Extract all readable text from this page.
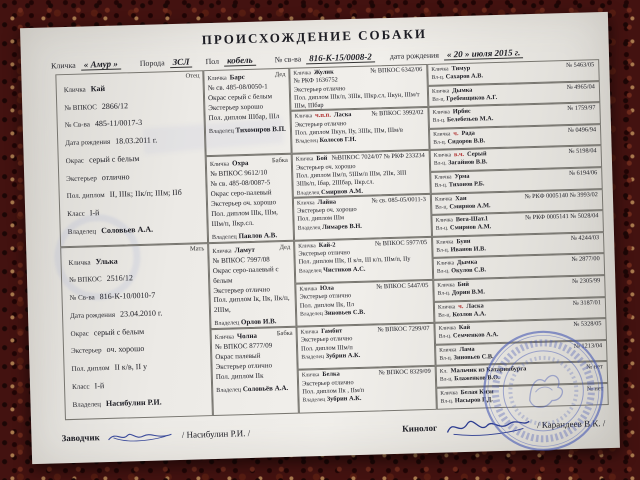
ПРОИСХОЖДЕНИЕ СОБАКИ
Кличка « Амур »	Порода ЗСЛ	Пол кобель	№ св-ва 816-К-15/0008-2	дата рождения « 20 » июля 2015 г.
Отец
Кличка Кай
№ ВПКОС 2866/12
№ Св-ва 485-11/0017-3
Дата рождения 18.03.2011 г.
Окрас серый с белым
Экстерьер отлично
Пол. диплом II, IIIк; IIк/п; IIIм; IIб
Класс I-й
Владелец Соловьев А.А.
Мать
Кличка Улька
№ ВПКОС 2516/12
№ Св-ва 816-К-10/0010-7
Дата рождения 23.04.2010 г.
Окрас серый с белым
Экстерьер оч. хорошо
Пол. диплом II к/в, II у
Класс I-й
Владелец Насибулин Р.И.
Дед
Кличка Барс
№ св. 485-08/0050-1
Окрас серый с белым
Экстерьер хорошо
Пол. диплом IIIбар, IIIл
Владелец Тихомиров В.П.
Бабка
Кличка Охра
№ ВПКОС 9612/10
№ св. 485-08/0087-5
Окрас серо-палевый
Экстерьер оч. хорошо
Пол. диплом IIIк, IIIм, IIIм/п, IIкр.сл.
Владелец Павлов А.В.
Дед
Кличка Ламут
№ ВПКОС 7997/08
Окрас серо-палевый с белым
Экстерьер отлично
Пол. диплом Iк, IIк, IIк/п, 2IIIм,
Владелец Орлов И.В.
Бабка
Кличка Чолна
№ ВПКОС 8777/09
Окрас палевый
Экстерьер отлично
Пол. диплом IIк
Владелец Соловьёв А.А.
Кличка Жулик	№ ВПКОС 6342/06
№ РКФ 1636752
Экстерьер отлично
Пол. диплом IIIк/п, 3IIIк, IIIкр.сл, IIкун, IIIм/т
IIIм, IIIбар
Кличка ч.п.п. Ласка	№ ВПКОС 3992/02
Экстерьер отлично
Пол. диплом IIкун, IIу, 3IIIк, IIIм, IIIм/в
Владелец Колосов Г.Н.
Кличка Бой №ВПКОС 7024/07 № РКФ 233234
Экстерьер оч. хорошо
Пол. диплом IIм/п, 5IIIм/п IIIм, 2IIк, 3III
3IIIк/п, Iбар, 2IIIбар, IIкр.сл.
Владелец Смирнов А.М.
Кличка Лайна	№ св. 085-05/0011-3
Экстерьер оч. хорошо
Пол. диплом IIIм
Владелец Лимарев В.Н.
Кличка Кай-2	№ ВПКОС 5977/05
Экстерьер отлично
Пол. диплом IIIк, II к/п, III к/п, IIIм/п, IIу
Владелец Чистиков А.С.
Кличка Юла	№ ВПКОС 5447/05
Экстерьер отлично
Пол. диплом IIк, IIл
Владелец Зиновьев С.В.
Кличка Гамбит	№ ВПКОС 7299/07
Экстерьер отлично
Пол. диплом IIIм/п
Владелец Зубрин А.К.
Кличка Белка	№ ВПКОС 8329/09
Экстерьер отлично
Пол. диплом IIк , IIм/п
Владелец Зубрин А.К.
Кличка Тимур	№ 5463/05
Вл-ц. Сахаров А.В.
Кличка Дымка	№ 4965/04
Вл-ц. Гребенщиков А.Г.
Кличка Ирбис	№ 1759/97
Вл-ц. Белебезьев М.А.
Кличка ч. Рада	№ 0496/94
Вл-ц. Сидоров В.В.
Кличка в.ч. Серый	№ 5198/04
Вл-ц. Загайнов В.В.
Кличка Урма	№ 6194/06
Вл-ц. Тихонов Р.Б.
Кличка Хан	№ РКФ 0005140 № 3993/02
Вл-ц. Смирнов А.М.
Кличка Вега-Шат.1	№ РКФ 0005141 № 5028/04
Вл-ц. Смирнов А.М.
Кличка Буян	№ 4244/03
Вл-ц. Иванов И.В.
Кличка Дымка	№ 2877/00
Вл-ц. Окулов С.В.
Кличка Бий	№ 2305/99
Вл-ц. Дорин В.М.
Кличка ч. Ласка	№ 3187/01
Вл-ц. Козлов А.А.
Кличка Кай	№ 5328/05
Вл-ц. Семченков А.А.
Кличка Лама	№ 1213/04
Вл-ц. Зиновьев С.В.
Кл. Мальчик из Катаринбурга	№ нет
Вл-ц. Блаженков В.О.
Кличка Белая Кизи	№ нет
Вл-ц. Насыров Г.Д.
Заводчик	/ Насибулин Р.И. /	Кинолог	/ Карандеев В.К. /
